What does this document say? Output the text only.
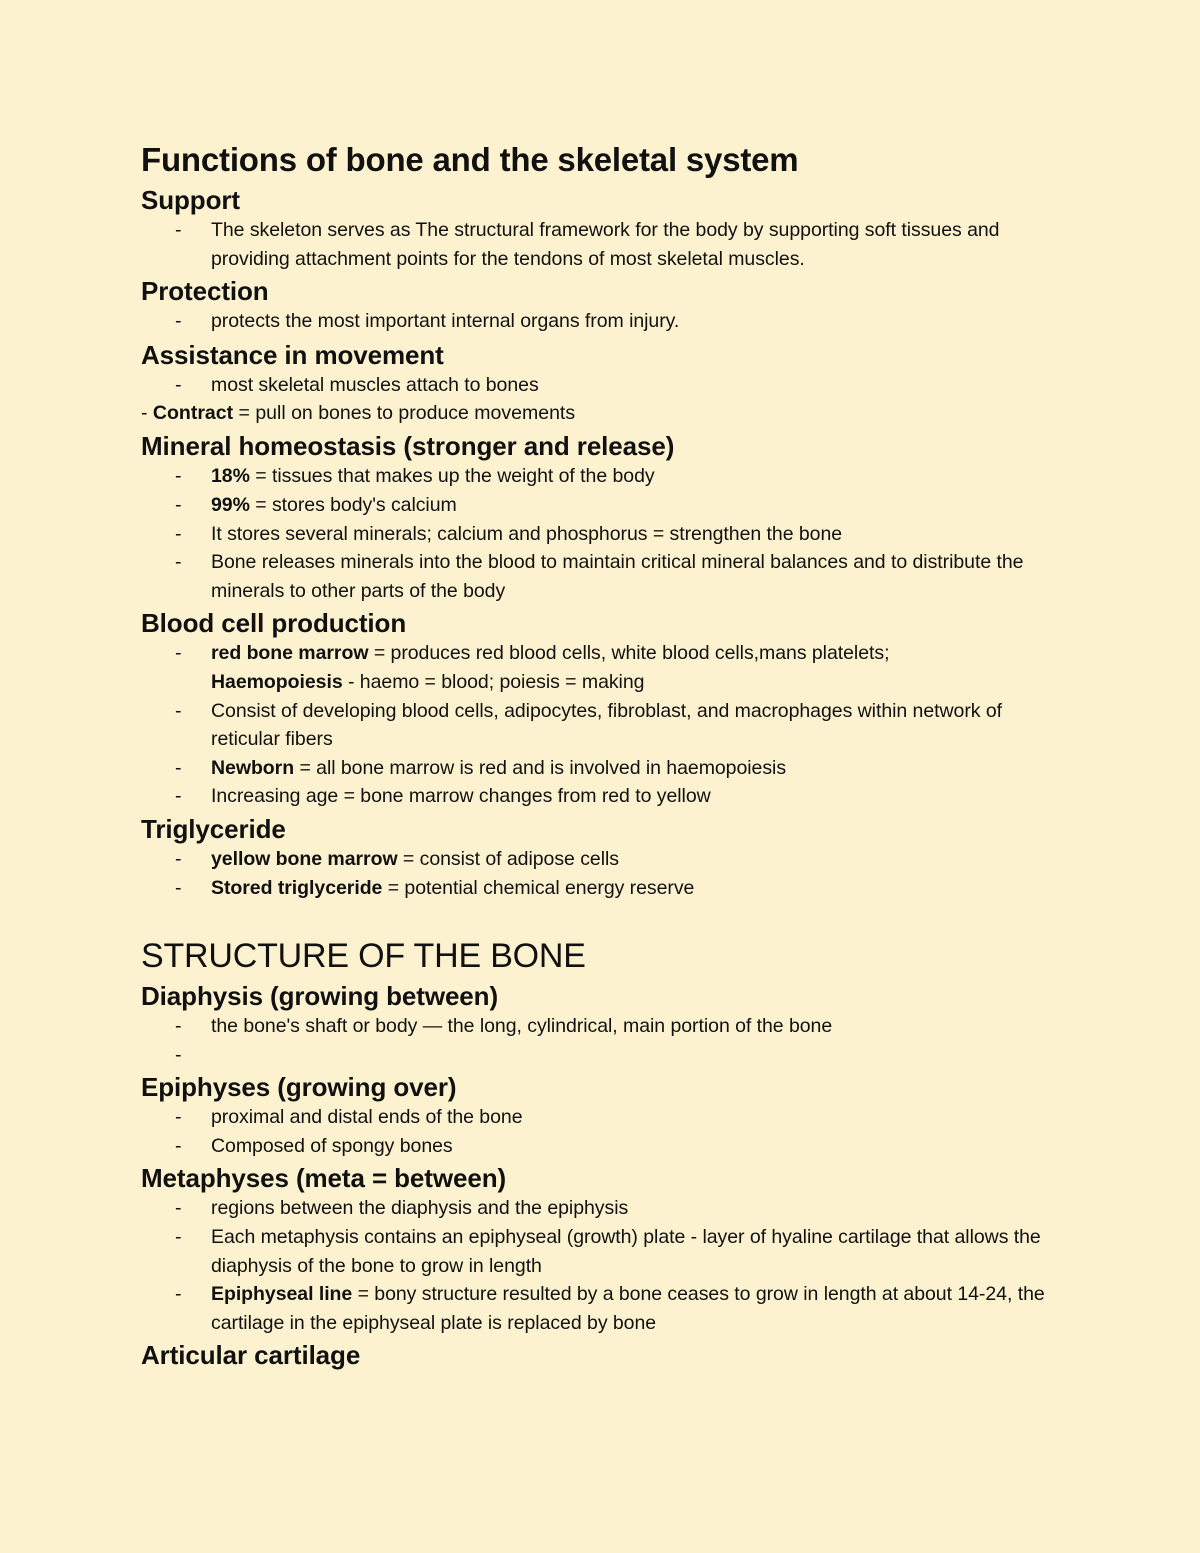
Functions of bone and the skeletal system
Support
- The skeleton serves as The structural framework for the body by supporting soft tissues and providing attachment points for the tendons of most skeletal muscles.
Protection
- protects the most important internal organs from injury.
Assistance in movement
- most skeletal muscles attach to bones
- Contract = pull on bones to produce movements
Mineral homeostasis (stronger and release)
- 18% = tissues that makes up the weight of the body
- 99% = stores body's calcium
- It stores several minerals; calcium and phosphorus = strengthen the bone
- Bone releases minerals into the blood to maintain critical mineral balances and to distribute the minerals to other parts of the body
Blood cell production
- red bone marrow = produces red blood cells, white blood cells,mans platelets;
Haemopoiesis - haemo = blood; poiesis = making
- Consist of developing blood cells, adipocytes, fibroblast, and macrophages within network of reticular fibers
- Newborn = all bone marrow is red and is involved in haemopoiesis
- Increasing age = bone marrow changes from red to yellow
Triglyceride
- yellow bone marrow = consist of adipose cells
- Stored triglyceride = potential chemical energy reserve
STRUCTURE OF THE BONE
Diaphysis (growing between)
- the bone's shaft or body — the long, cylindrical, main portion of the bone
-
Epiphyses (growing over)
- proximal and distal ends of the bone
- Composed of spongy bones
Metaphyses (meta = between)
- regions between the diaphysis and the epiphysis
- Each metaphysis contains an epiphyseal (growth) plate - layer of hyaline cartilage that allows the diaphysis of the bone to grow in length
- Epiphyseal line = bony structure resulted by a bone ceases to grow in length at about 14-24, the cartilage in the epiphyseal plate is replaced by bone
Articular cartilage
